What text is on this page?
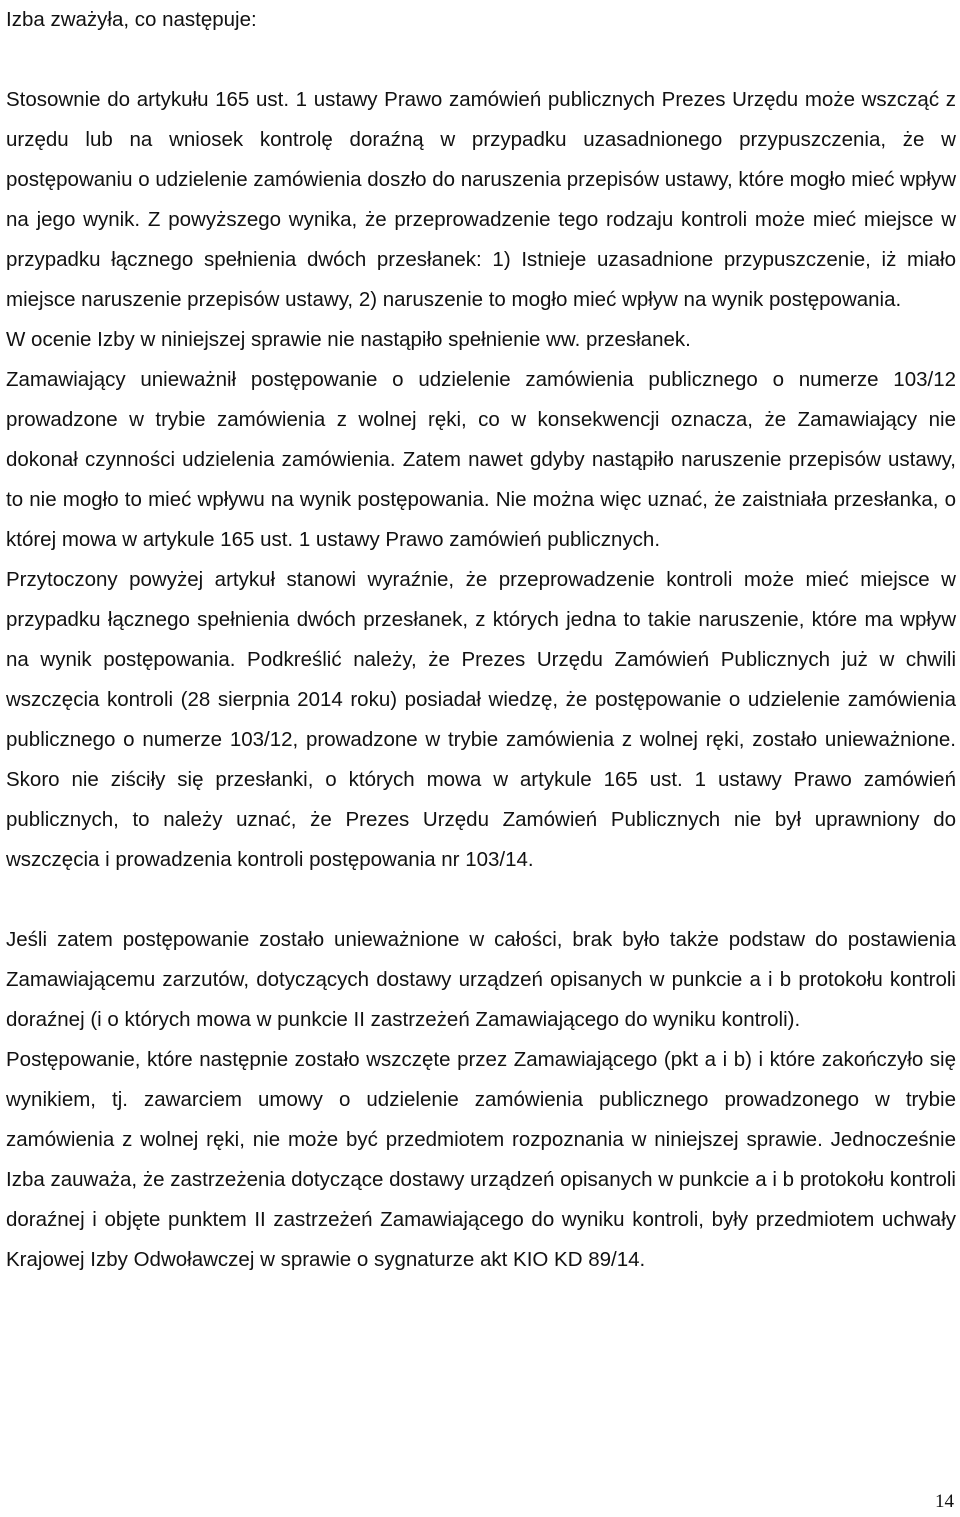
Izba zważyła, co następuje:

Stosownie do artykułu 165 ust. 1 ustawy Prawo zamówień publicznych Prezes Urzędu może wszcząć z urzędu lub na wniosek kontrolę doraźną w przypadku uzasadnionego przypuszczenia, że w postępowaniu o udzielenie zamówienia doszło do naruszenia przepisów ustawy, które mogło mieć wpływ na jego wynik. Z powyższego wynika, że przeprowadzenie tego rodzaju kontroli może mieć miejsce w przypadku łącznego spełnienia dwóch przesłanek: 1) Istnieje uzasadnione przypuszczenie, iż miało miejsce naruszenie przepisów ustawy, 2) naruszenie to mogło mieć wpływ na wynik postępowania.

W ocenie Izby w niniejszej sprawie nie nastąpiło spełnienie ww. przesłanek.

Zamawiający unieważnił postępowanie o udzielenie zamówienia publicznego o numerze 103/12 prowadzone w trybie zamówienia z wolnej ręki, co w konsekwencji oznacza, że Zamawiający nie dokonał czynności udzielenia zamówienia. Zatem nawet gdyby nastąpiło naruszenie przepisów ustawy, to nie mogło to mieć wpływu na wynik postępowania. Nie można więc uznać, że zaistniała przesłanka, o której mowa w artykule 165 ust. 1 ustawy Prawo zamówień publicznych.

Przytoczony powyżej artykuł stanowi wyraźnie, że przeprowadzenie kontroli może mieć miejsce w przypadku łącznego spełnienia dwóch przesłanek, z których jedna to takie naruszenie, które ma wpływ na wynik postępowania. Podkreślić należy, że Prezes Urzędu Zamówień Publicznych już w chwili wszczęcia kontroli (28 sierpnia 2014 roku) posiadał wiedzę, że postępowanie o udzielenie zamówienia publicznego o numerze 103/12, prowadzone w trybie zamówienia z wolnej ręki, zostało unieważnione. Skoro nie ziściły się przesłanki, o których mowa w artykule 165 ust. 1 ustawy Prawo zamówień publicznych, to należy uznać, że Prezes Urzędu Zamówień Publicznych nie był uprawniony do wszczęcia i prowadzenia kontroli postępowania nr 103/14.

Jeśli zatem postępowanie zostało unieważnione w całości, brak było także podstaw do postawienia Zamawiającemu zarzutów, dotyczących dostawy urządzeń opisanych w punkcie a i b protokołu kontroli doraźnej (i o których mowa w punkcie II zastrzeżeń Zamawiającego do wyniku kontroli).

Postępowanie, które następnie zostało wszczęte przez Zamawiającego (pkt a i b) i które zakończyło się wynikiem, tj. zawarciem umowy o udzielenie zamówienia publicznego prowadzonego w trybie zamówienia z wolnej ręki, nie może być przedmiotem rozpoznania w niniejszej sprawie. Jednocześnie Izba zauważa, że zastrzeżenia dotyczące dostawy urządzeń opisanych w punkcie a i b protokołu kontroli doraźnej i objęte punktem II zastrzeżeń Zamawiającego do wyniku kontroli, były przedmiotem uchwały Krajowej Izby Odwoławczej w sprawie o sygnaturze akt KIO KD 89/14.

14
